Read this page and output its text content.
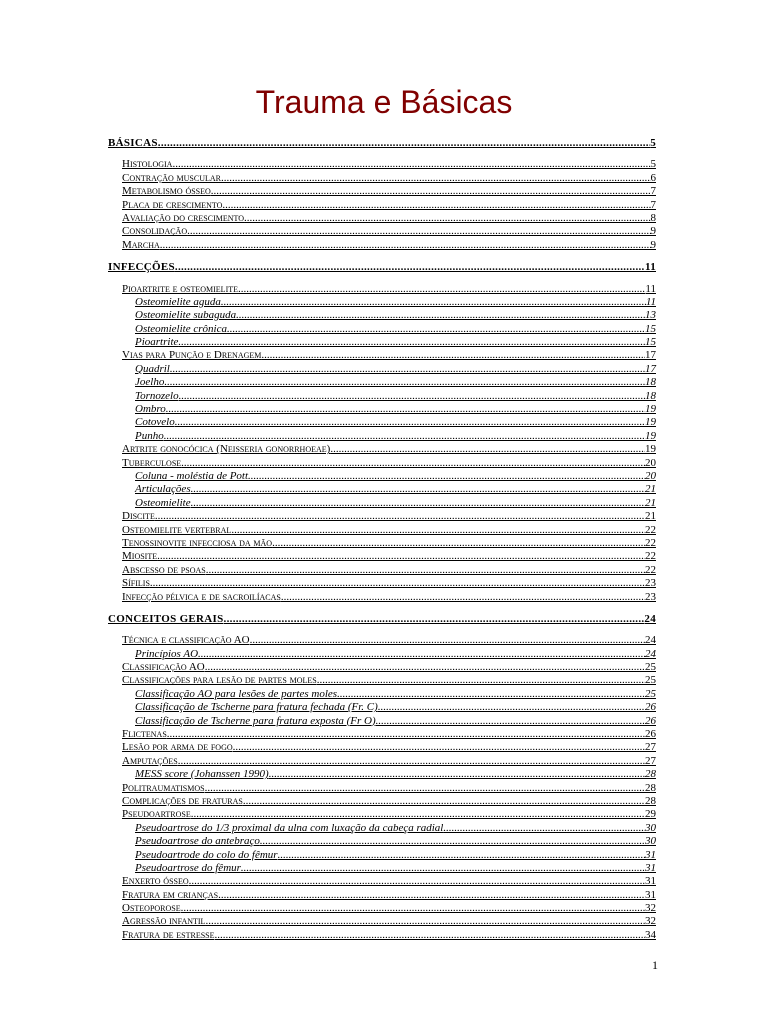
Trauma e Básicas
BÁSICAS .....	5
Histologia .....	5
Contração muscular .....	6
Metabolismo ósseo .....	7
Placa de crescimento .....	7
Avaliação do crescimento .....	8
Consolidação .....	9
Marcha .....	9
INFECÇÕES .....	11
Pioartrite e osteomielite .....	11
Osteomielite aguda .....	11
Osteomielite subaguda .....	13
Osteomielite crônica .....	15
Pioartrite .....	15
Vias para Punção e Drenagem .....	17
Quadril .....	17
Joelho .....	18
Tornozelo .....	18
Ombro .....	19
Cotovelo .....	19
Punho .....	19
Artrite gonocócica (Neisseria gonorrhoeae) .....	19
Tuberculose .....	20
Coluna - moléstia de Pott .....	20
Articulações .....	21
Osteomielite .....	21
Discite .....	21
Osteomielite vertebral .....	22
Tenossinovite infecciosa da mão .....	22
Miosite .....	22
Abscesso de psoas .....	22
Sífilis .....	23
Infecção pélvica e de sacroilíacas .....	23
CONCEITOS GERAIS .....	24
Técnica e classificação AO .....	24
Princípios AO .....	24
Classificação AO .....	25
Classificações para lesão de partes moles .....	25
Classificação AO para lesões de partes moles .....	25
Classificação de Tscherne para fratura fechada (Fr. C) .....	26
Classificação de Tscherne para fratura exposta (Fr O) .....	26
Flictenas .....	26
Lesão por arma de fogo .....	27
Amputações .....	27
MESS score (Johanssen 1990) .....	28
Politraumatismos .....	28
Complicações de fraturas .....	28
Pseudoartrose .....	29
Pseudoartrose do 1/3 proximal da ulna com luxação da cabeça radial .....	30
Pseudoartrose do antebraço .....	30
Pseudoartrode do colo do fêmur .....	31
Pseudoartrose do fêmur .....	31
Enxerto ósseo .....	31
Fratura em crianças .....	31
Osteoporose .....	32
Agressão infantil .....	32
Fratura de estresse .....	34
1
